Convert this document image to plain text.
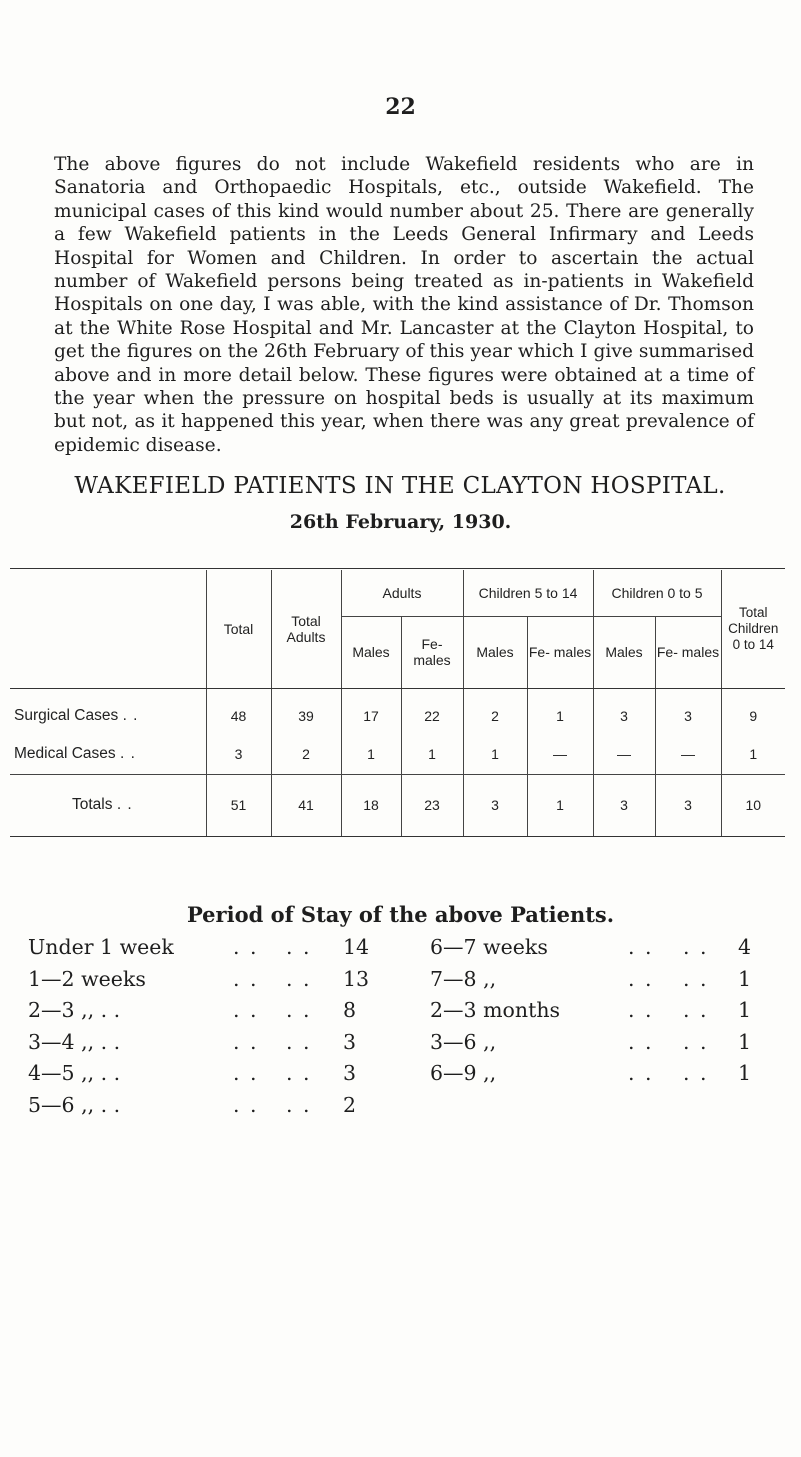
22

The above figures do not include Wakefield residents who are in Sanatoria and Orthopaedic Hospitals, etc., outside Wakefield. The municipal cases of this kind would number about 25. There are generally a few Wakefield patients in the Leeds General Infirmary and Leeds Hospital for Women and Children. In order to ascertain the actual number of Wakefield persons being treated as in-patients in Wakefield Hospitals on one day, I was able, with the kind assistance of Dr. Thomson at the White Rose Hospital and Mr. Lancaster at the Clayton Hospital, to get the figures on the 26th February of this year which I give summarised above and in more detail below. These figures were obtained at a time of the year when the pressure on hospital beds is usually at its maximum but not, as it happened this year, when there was any great prevalence of epidemic disease.

WAKEFIELD PATIENTS IN THE CLAYTON HOSPITAL.
26th February, 1930.
	Total	Total Adults	Adults		Children 5 to 14		Children 0 to 5		Total Children 0 to 14
			Males	Fe- males	Males	Fe- males	Males	Fe- males	

Surgical Cases . .	48	39	17	22	2	1	3	3	9
Medical Cases . .	3	2	1	1	1	—	—	—	1
Totals . .	51	41	18	23	3	1	3	3	10
Period of Stay of the above Patients.
Under 1 week	. . . . 14	6—7 weeks	. . . . 4
1—2 weeks	. . . . 13	7—8 ,,	. . . . 1
2—3 ,, . .	. . . . 8	2—3 months	. . . . 1
3—4 ,, . .	. . . . 3	3—6 ,,	. . . . 1
4—5 ,, . .	. . . . 3	6—9 ,,	. . . . 1
5—6 ,, . .	. . . . 2
